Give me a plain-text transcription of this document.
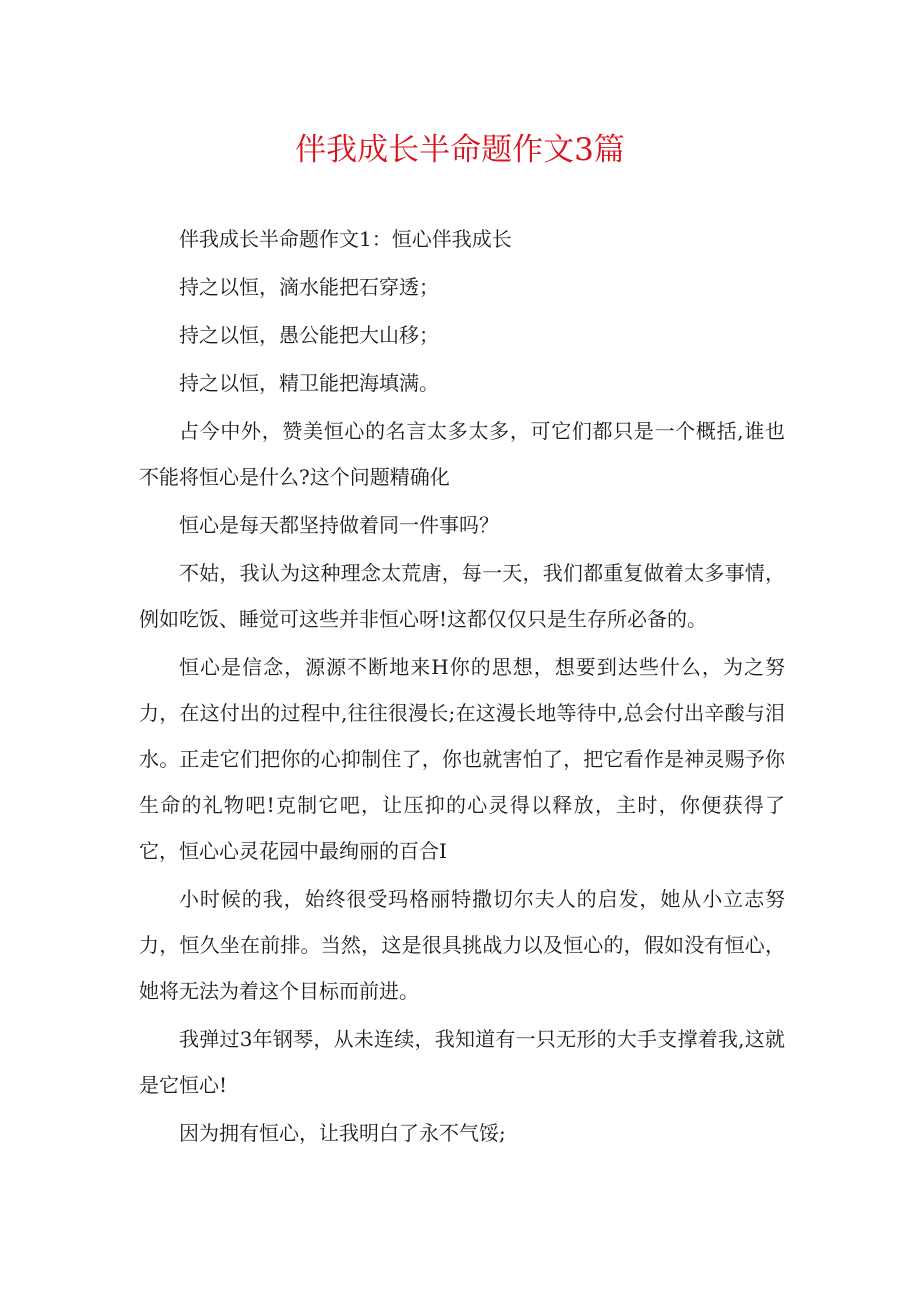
伴我成长半命题作文3篇

伴我成长半命题作文1：恒心伴我成长

持之以恒，滴水能把石穿透；

持之以恒，愚公能把大山移；

持之以恒，精卫能把海填满。

占今中外，赞美恒心的名言太多太多，可它们都只是一个概括,谁也不能将恒心是什么?这个问题精确化

恒心是每天都坚持做着同一件事吗？

不姑，我认为这种理念太荒唐，每一天，我们都重复做着太多事情，例如吃饭、睡觉可这些并非恒心呀!这都仅仅只是生存所必备的。

恒心是信念，源源不断地来H你的思想，想要到达些什么，为之努力，在这付出的过程中,往往很漫长;在这漫长地等待中,总会付出辛酸与泪水。正走它们把你的心抑制住了，你也就害怕了，把它看作是神灵赐予你生命的礼物吧!克制它吧，让压抑的心灵得以释放，主时，你便获得了它，恒心心灵花园中最绚丽的百合I

小时候的我，始终很受玛格丽特撒切尔夫人的启发，她从小立志努力，恒久坐在前排。当然，这是很具挑战力以及恒心的，假如没有恒心，她将无法为着这个目标而前进。

我弹过3年钢琴，从未连续，我知道有一只无形的大手支撑着我,这就是它恒心!

因为拥有恒心，让我明白了永不气馁;
